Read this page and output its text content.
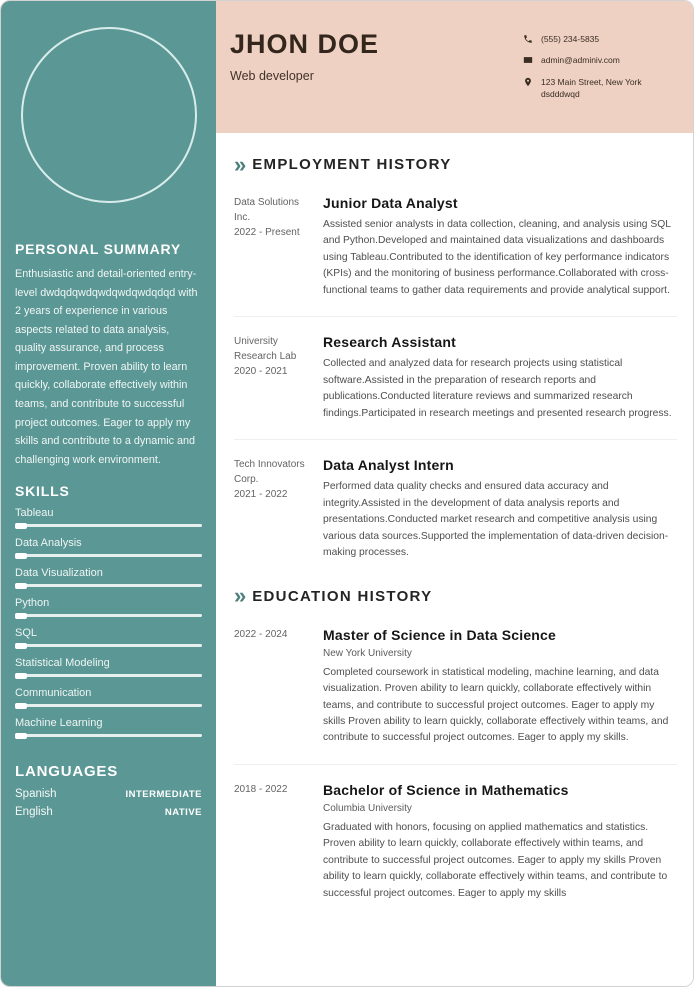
PERSONAL SUMMARY

Enthusiastic and detail-oriented entry-level dwdqdqwdqwdqwdqwdqdqd with 2 years of experience in various aspects related to data analysis, quality assurance, and process improvement. Proven ability to learn quickly, collaborate effectively within teams, and contribute to successful project outcomes. Eager to apply my skills and contribute to a dynamic and challenging work environment.

SKILLS
Tableau
Data Analysis
Data Visualization
Python
SQL
Statistical Modeling
Communication
Machine Learning
LANGUAGES
Spanish	INTERMEDIATE
English	NATIVE
JHON DOE
Web developer
(555) 234-5835
admin@adminiv.com
123 Main Street, New York
dsdddwqd
» EMPLOYMENT HISTORY
Data Solutions Inc.
2022 - Present
Junior Data Analyst

Assisted senior analysts in data collection, cleaning, and analysis using SQL and Python.Developed and maintained data visualizations and dashboards using Tableau.Contributed to the identification of key performance indicators (KPIs) and the monitoring of business performance.Collaborated with cross-functional teams to gather data requirements and provide analytical support.

University Research Lab
2020 - 2021
Research Assistant

Collected and analyzed data for research projects using statistical software.Assisted in the preparation of research reports and publications.Conducted literature reviews and summarized research findings.Participated in research meetings and presented research progress.

Tech Innovators Corp.
2021 - 2022
Data Analyst Intern

Performed data quality checks and ensured data accuracy and integrity.Assisted in the development of data analysis reports and presentations.Conducted market research and competitive analysis using various data sources.Supported the implementation of data-driven decision-making processes.

» EDUCATION HISTORY
2022 - 2024	Master of Science in Data Science
New York University

Completed coursework in statistical modeling, machine learning, and data visualization. Proven ability to learn quickly, collaborate effectively within teams, and contribute to successful project outcomes. Eager to apply my skills Proven ability to learn quickly, collaborate effectively within teams, and contribute to successful project outcomes. Eager to apply my skills.

2018 - 2022	Bachelor of Science in Mathematics
Columbia University

Graduated with honors, focusing on applied mathematics and statistics. Proven ability to learn quickly, collaborate effectively within teams, and contribute to successful project outcomes. Eager to apply my skills Proven ability to learn quickly, collaborate effectively within teams, and contribute to successful project outcomes. Eager to apply my skills
